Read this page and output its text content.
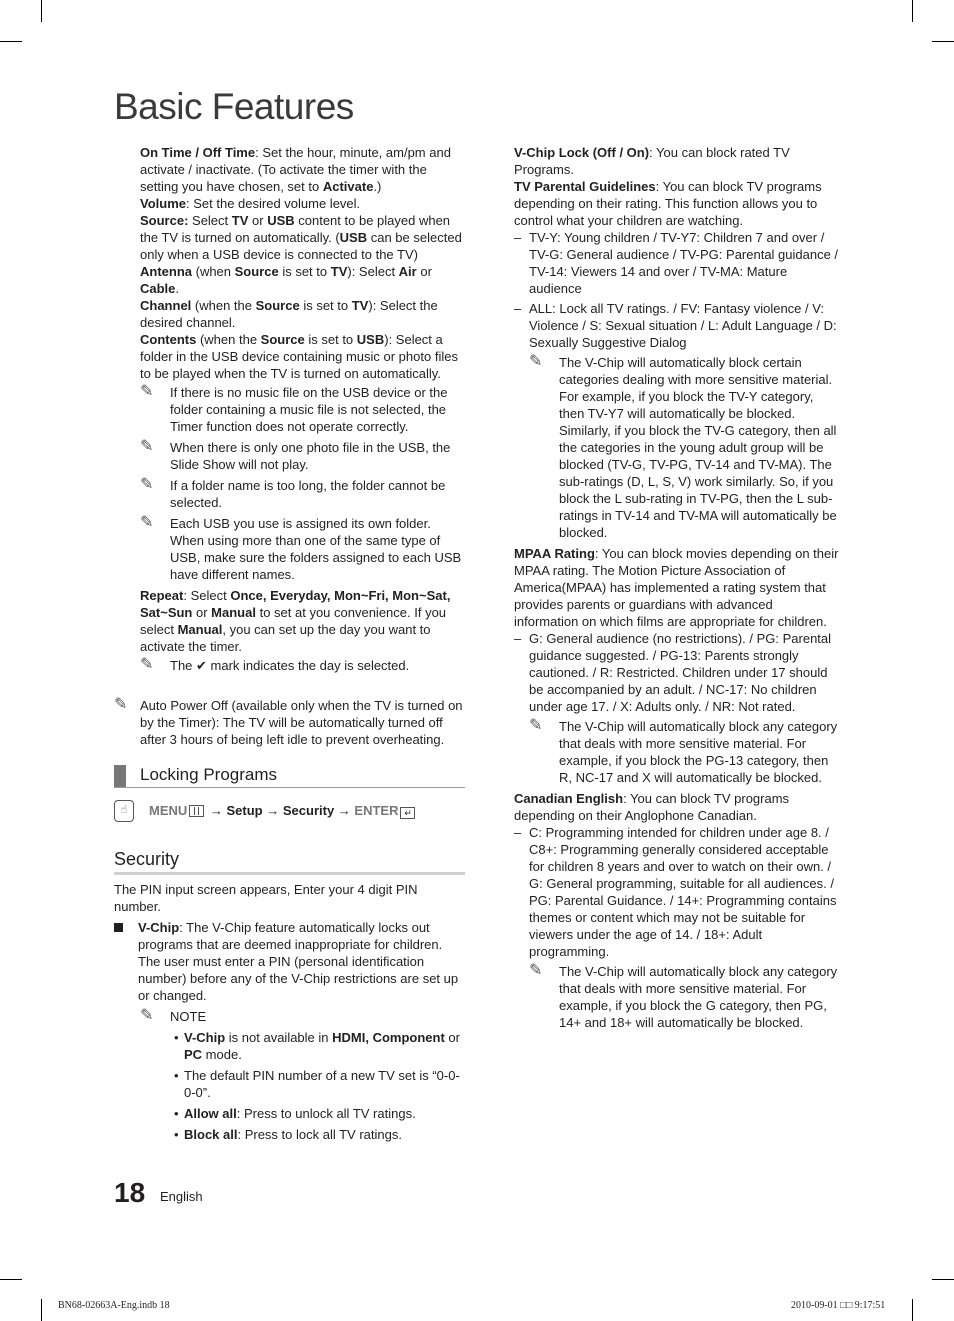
Basic Features

On Time / Off Time: Set the hour, minute, am/pm and activate / inactivate. (To activate the timer with the setting you have chosen, set to Activate.)

Volume: Set the desired volume level.

Source: Select TV or USB content to be played when the TV is turned on automatically. (USB can be selected only when a USB device is connected to the TV)

Antenna (when Source is set to TV): Select Air or Cable.

Channel (when the Source is set to TV): Select the desired channel.

Contents (when the Source is set to USB): Select a folder in the USB device containing music or photo files to be played when the TV is turned on automatically.

✎ If there is no music file on the USB device or the folder containing a music file is not selected, the Timer function does not operate correctly.
✎ When there is only one photo file in the USB, the Slide Show will not play.
✎ If a folder name is too long, the folder cannot be selected.
✎ Each USB you use is assigned its own folder. When using more than one of the same type of USB, make sure the folders assigned to each USB have different names.

Repeat: Select Once, Everyday, Mon~Fri, Mon~Sat, Sat~Sun or Manual to set at you convenience. If you select Manual, you can set up the day you want to activate the timer.

✎ The ✔ mark indicates the day is selected.
✎ Auto Power Off (available only when the TV is turned on by the Timer): The TV will be automatically turned off after 3 hours of being left idle to prevent overheating.
Locking Programs
☝	MENU → Setup → Security → ENTER ↵
Security

The PIN input screen appears, Enter your 4 digit PIN number.

V-Chip: The V-Chip feature automatically locks out programs that are deemed inappropriate for children. The user must enter a PIN (personal identification number) before any of the V-Chip restrictions are set up or changed.
✎ NOTE
• V-Chip is not available in HDMI, Component or PC mode.
• The default PIN number of a new TV set is “0-0-0-0”.
• Allow all: Press to unlock all TV ratings.
• Block all: Press to lock all TV ratings.

V-Chip Lock (Off / On): You can block rated TV Programs.

TV Parental Guidelines: You can block TV programs depending on their rating. This function allows you to control what your children are watching.

– TV-Y: Young children / TV-Y7: Children 7 and over / TV-G: General audience / TV-PG: Parental guidance / TV-14: Viewers 14 and over / TV-MA: Mature audience
– ALL: Lock all TV ratings. / FV: Fantasy violence / V: Violence / S: Sexual situation / L: Adult Language / D: Sexually Suggestive Dialog
✎ The V-Chip will automatically block certain categories dealing with more sensitive material. For example, if you block the TV-Y category, then TV-Y7 will automatically be blocked. Similarly, if you block the TV-G category, then all the categories in the young adult group will be blocked (TV-G, TV-PG, TV-14 and TV-MA). The sub-ratings (D, L, S, V) work similarly. So, if you block the L sub-rating in TV-PG, then the L sub-ratings in TV-14 and TV-MA will automatically be blocked.

MPAA Rating: You can block movies depending on their MPAA rating. The Motion Picture Association of America(MPAA) has implemented a rating system that provides parents or guardians with advanced information on which films are appropriate for children.

– G: General audience (no restrictions). / PG: Parental guidance suggested. / PG-13: Parents strongly cautioned. / R: Restricted. Children under 17 should be accompanied by an adult. / NC-17: No children under age 17. / X: Adults only. / NR: Not rated.
✎ The V-Chip will automatically block any category that deals with more sensitive material. For example, if you block the PG-13 category, then R, NC-17 and X will automatically be blocked.

Canadian English: You can block TV programs depending on their Anglophone Canadian.

– C: Programming intended for children under age 8. / C8+: Programming generally considered acceptable for children 8 years and over to watch on their own. / G: General programming, suitable for all audiences. / PG: Parental Guidance. / 14+: Programming contains themes or content which may not be suitable for viewers under the age of 14. / 18+: Adult programming.
✎ The V-Chip will automatically block any category that deals with more sensitive material. For example, if you block the G category, then PG, 14+ and 18+ will automatically be blocked.
18 English
BN68-02663A-Eng.indb 18	2010-09-01 □□ 9:17:51
